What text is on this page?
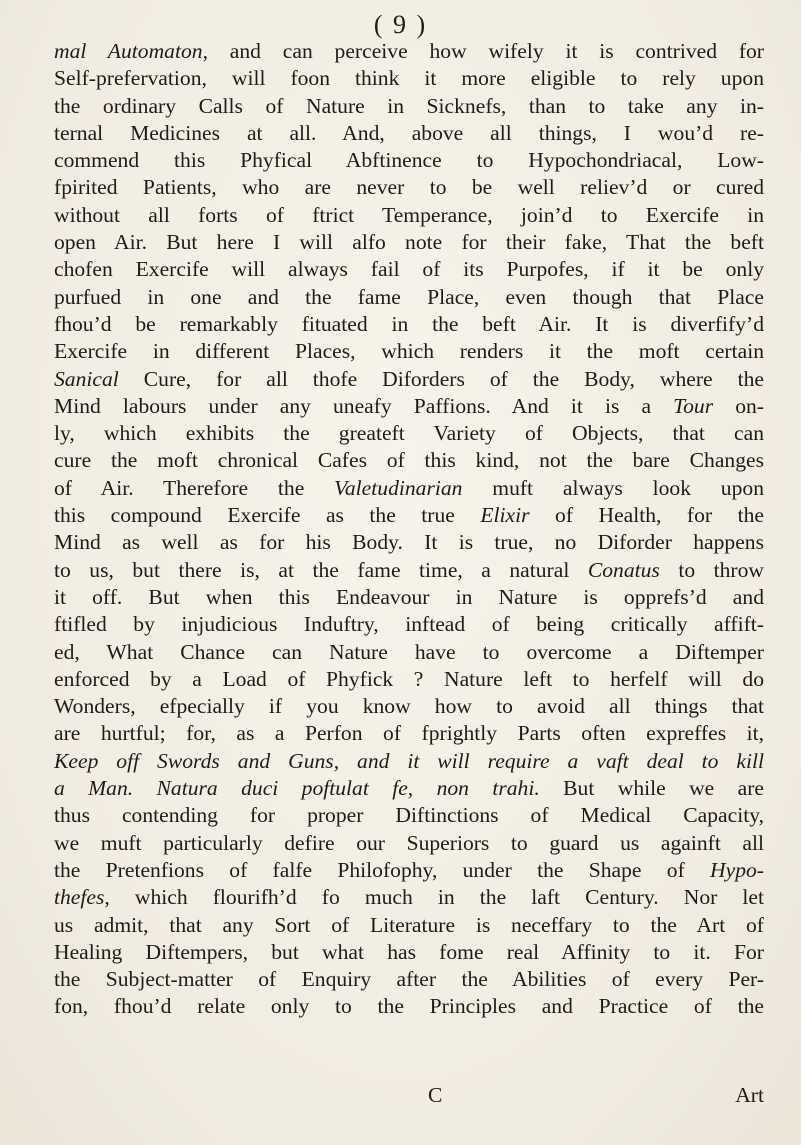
( 9 )
mal Automaton, and can perceive how wifely it is contrived for
Self-prefervation, will foon think it more eligible to rely upon
the ordinary Calls of Nature in Sicknefs, than to take any in-
ternal Medicines at all. And, above all things, I wou’d re-
commend this Phyfical Abftinence to Hypochondriacal, Low-
fpirited Patients, who are never to be well reliev’d or cured
without all forts of ftrict Temperance, join’d to Exercife in
open Air. But here I will alfo note for their fake, That the beft
chofen Exercife will always fail of its Purpofes, if it be only
purfued in one and the fame Place, even though that Place
fhou’d be remarkably fituated in the beft Air. It is diverfify’d
Exercife in different Places, which renders it the moft certain
Sanical Cure, for all thofe Diforders of the Body, where the
Mind labours under any uneafy Paffions. And it is a Tour on-
ly, which exhibits the greateft Variety of Objects, that can
cure the moft chronical Cafes of this kind, not the bare Changes
of Air. Therefore the Valetudinarian muft always look upon
this compound Exercife as the true Elixir of Health, for the
Mind as well as for his Body. It is true, no Diforder happens
to us, but there is, at the fame time, a natural Conatus to throw
it off. But when this Endeavour in Nature is opprefs’d and
ftifled by injudicious Induftry, inftead of being critically affift-
ed, What Chance can Nature have to overcome a Diftemper
enforced by a Load of Phyfick ? Nature left to herfelf will do
Wonders, efpecially if you know how to avoid all things that
are hurtful; for, as a Perfon of fprightly Parts often expreffes it,
Keep off Swords and Guns, and it will require a vaft deal to kill
a Man. Natura duci poftulat fe, non trahi. But while we are
thus contending for proper Diftinctions of Medical Capacity,
we muft particularly defire our Superiors to guard us againft all
the Pretenfions of falfe Philofophy, under the Shape of Hypo-
thefes, which flourifh’d fo much in the laft Century. Nor let
us admit, that any Sort of Literature is neceffary to the Art of
Healing Diftempers, but what has fome real Affinity to it. For
the Subject-matter of Enquiry after the Abilities of every Per-
fon, fhou’d relate only to the Principles and Practice of the
C	Art
